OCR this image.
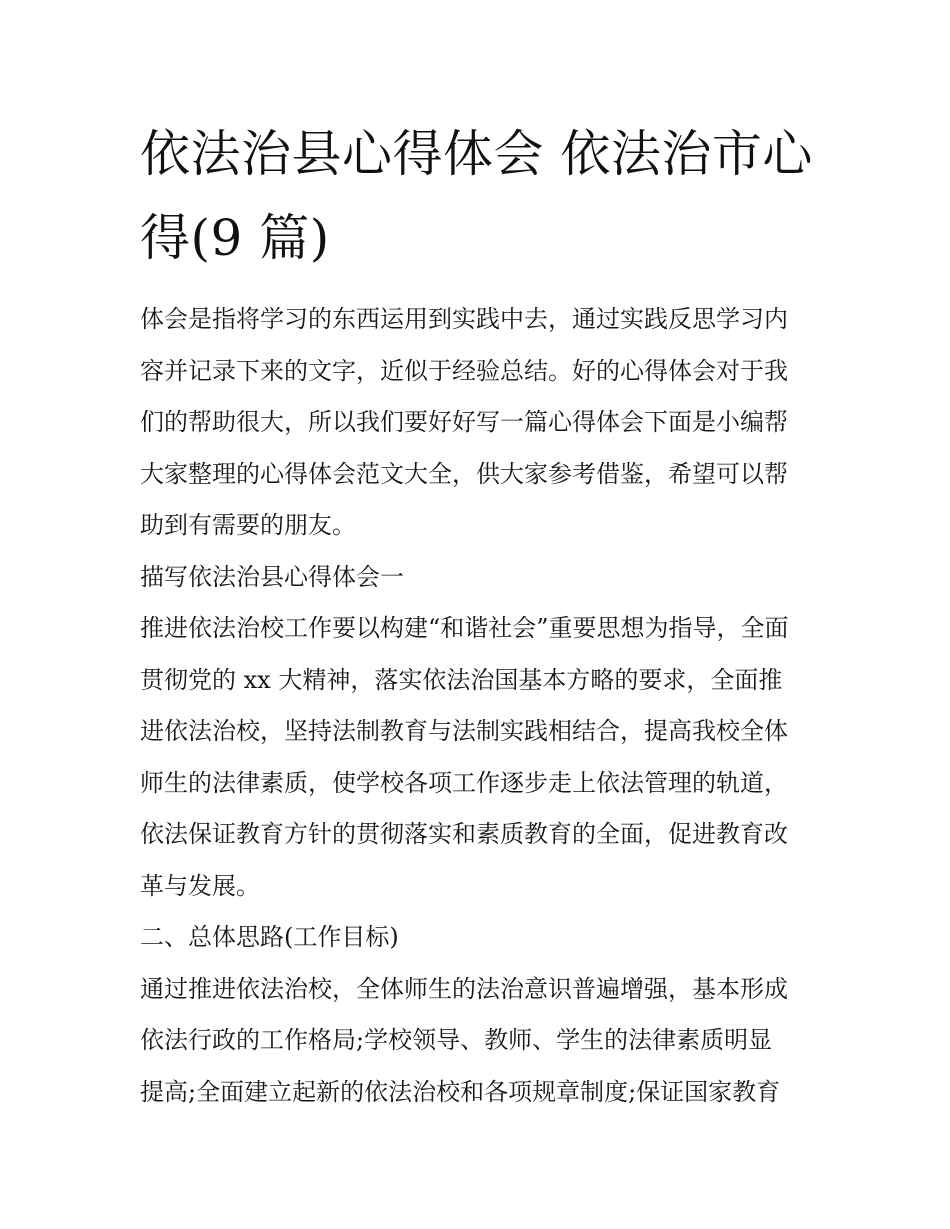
依法治县心得体会 依法治市心
得(9 篇)

体会是指将学习的东西运用到实践中去，通过实践反思学习内
容并记录下来的文字，近似于经验总结。好的心得体会对于我
们的帮助很大，所以我们要好好写一篇心得体会下面是小编帮
大家整理的心得体会范文大全，供大家参考借鉴，希望可以帮
助到有需要的朋友。

描写依法治县心得体会一

推进依法治校工作要以构建“和谐社会”重要思想为指导，全面
贯彻党的 xx 大精神，落实依法治国基本方略的要求，全面推
进依法治校，坚持法制教育与法制实践相结合，提高我校全体
师生的法律素质，使学校各项工作逐步走上依法管理的轨道，
依法保证教育方针的贯彻落实和素质教育的全面，促进教育改
革与发展。

二、总体思路(工作目标)

通过推进依法治校，全体师生的法治意识普遍增强，基本形成
依法行政的工作格局;学校领导、教师、学生的法律素质明显
提高;全面建立起新的依法治校和各项规章制度;保证国家教育
